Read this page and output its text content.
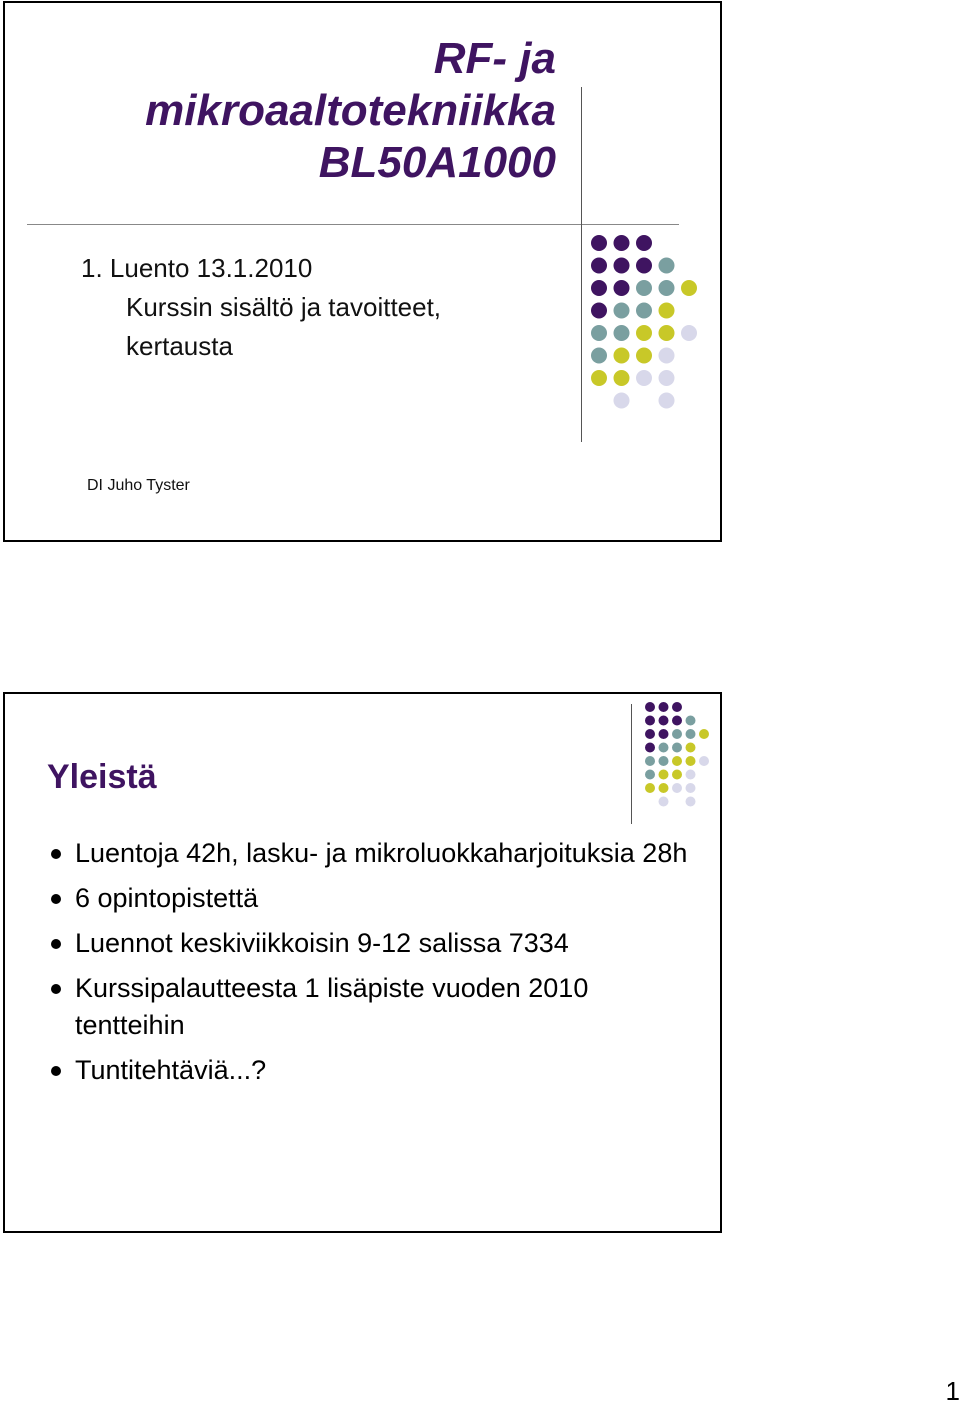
RF- ja
mikroaaltotekniikka
BL50A1000
1. Luento 13.1.2010
Kurssin sisältö ja tavoitteet,
kertausta
DI Juho Tyster
Yleistä
Luentoja 42h, lasku- ja mikroluokkaharjoituksia 28h
6 opintopistettä
Luennot keskiviikkoisin 9-12 salissa 7334
Kurssipalautteesta 1 lisäpiste vuoden 2010 tentteihin
Tuntitehtäviä...?
1
